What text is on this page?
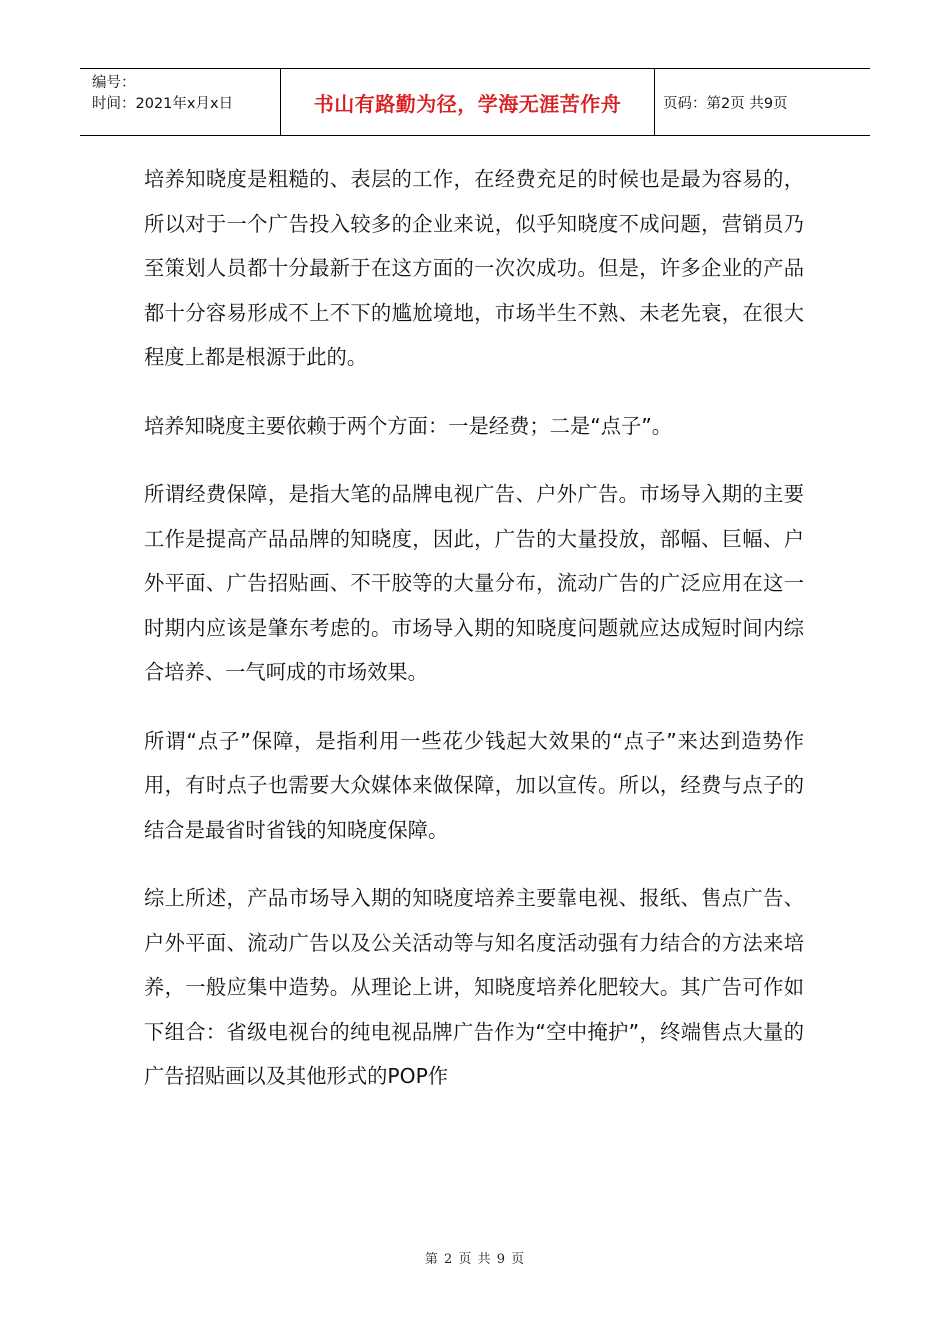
编号：
时间：2021年x月x日	书山有路勤为径，学海无涯苦作舟	页码：第2页 共9页

培养知晓度是粗糙的、表层的工作，在经费充足的时候也是最为容易的，所以对于一个广告投入较多的企业来说，似乎知晓度不成问题，营销员乃至策划人员都十分最新于在这方面的一次次成功。但是，许多企业的产品都十分容易形成不上不下的尴尬境地，市场半生不熟、未老先衰，在很大程度上都是根源于此的。

培养知晓度主要依赖于两个方面：一是经费；二是“点子”。

所谓经费保障，是指大笔的品牌电视广告、户外广告。市场导入期的主要工作是提高产品品牌的知晓度，因此，广告的大量投放，部幅、巨幅、户外平面、广告招贴画、不干胶等的大量分布，流动广告的广泛应用在这一时期内应该是肇东考虑的。市场导入期的知晓度问题就应达成短时间内综合培养、一气呵成的市场效果。

所谓“点子”保障，是指利用一些花少钱起大效果的“点子”来达到造势作用，有时点子也需要大众媒体来做保障，加以宣传。所以，经费与点子的结合是最省时省钱的知晓度保障。

综上所述，产品市场导入期的知晓度培养主要靠电视、报纸、售点广告、户外平面、流动广告以及公关活动等与知名度活动强有力结合的方法来培养，一般应集中造势。从理论上讲，知晓度培养化肥较大。其广告可作如下组合：省级电视台的纯电视品牌广告作为“空中掩护”，终端售点大量的广告招贴画以及其他形式的POP作

第 2 页 共 9 页
